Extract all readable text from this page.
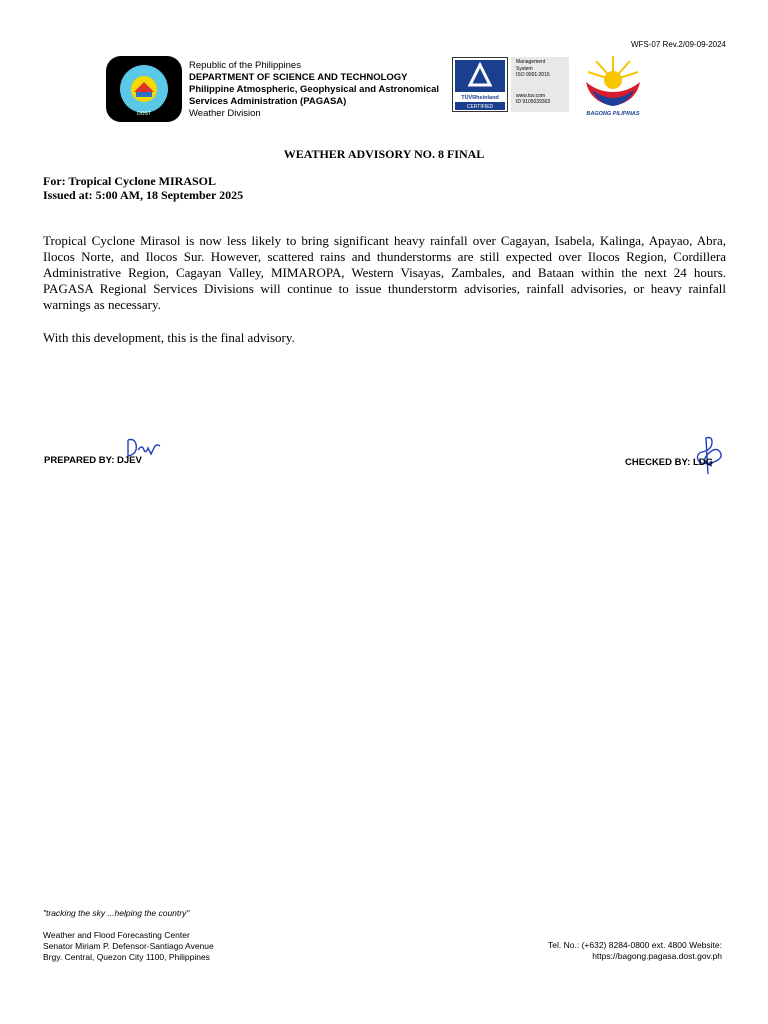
WFS-07 Rev.2/09-09-2024
DOST
Republic of the Philippines
DEPARTMENT OF SCIENCE AND TECHNOLOGY
Philippine Atmospheric, Geophysical and Astronomical
Services Administration (PAGASA)
Weather Division
TÜVRheinland
CERTIFIED
Management
System
ISO 9001:2015
www.tuv.com
ID 9105039303
BAGONG PILIPINAS
WEATHER ADVISORY NO. 8 FINAL
For: Tropical Cyclone MIRASOL
Issued at: 5:00 AM, 18 September 2025

Tropical Cyclone Mirasol is now less likely to bring significant heavy rainfall over Cagayan, Isabela, Kalinga, Apayao, Abra, Ilocos Norte, and Ilocos Sur. However, scattered rains and thunderstorms are still expected over Ilocos Region, Cordillera Administrative Region, Cagayan Valley, MIMAROPA, Western Visayas, Zambales, and Bataan within the next 24 hours. PAGASA Regional Services Divisions will continue to issue thunderstorm advisories, rainfall advisories, or heavy rainfall warnings as necessary.

With this development, this is the final advisory.

PREPARED BY: DJEV	CHECKED BY: LDG
"tracking the sky ...helping the country"
Weather and Flood Forecasting Center
Senator Miriam P. Defensor-Santiago Avenue
Brgy. Central, Quezon City 1100, Philippines
Tel. No.: (+632) 8284-0800 ext. 4800 Website:
https://bagong.pagasa.dost.gov.ph
